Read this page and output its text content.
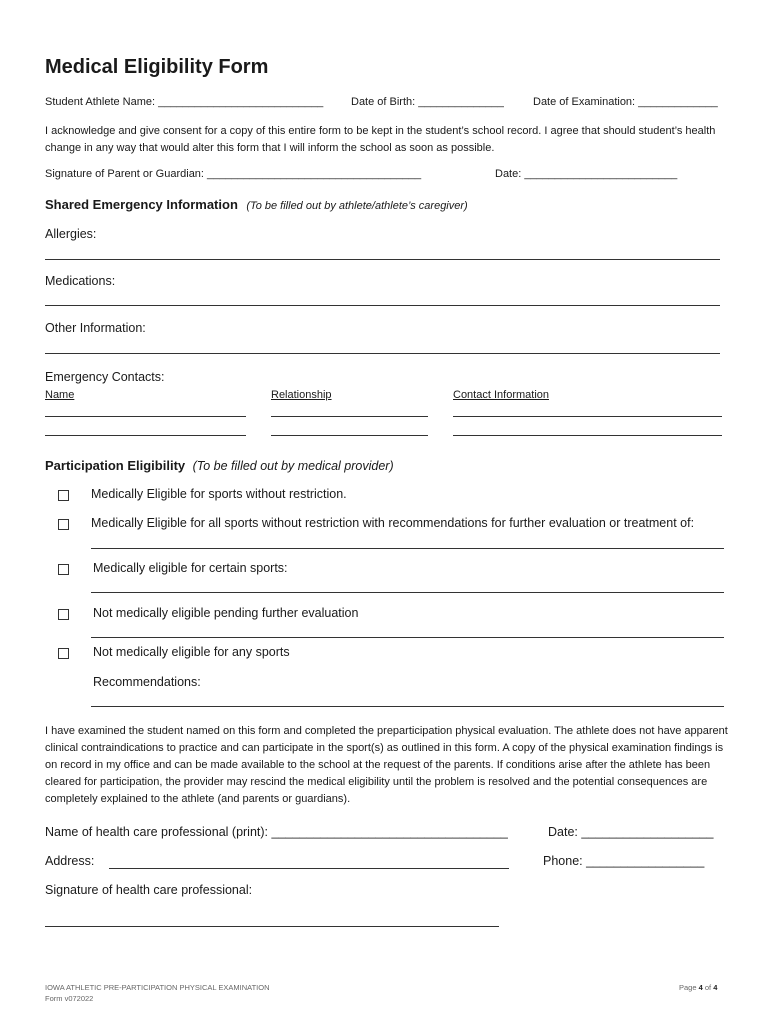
Medical Eligibility Form
Student Athlete Name: ___________________________	Date of Birth: ______________	Date of Examination: _____________
I acknowledge and give consent for a copy of this entire form to be kept in the student’s school record. I agree that should student’s health change in any way that would alter this form that I will inform the school as soon as possible.
Signature of Parent or Guardian: ___________________________________	Date: _________________________
Shared Emergency Information (To be filled out by athlete/athlete’s caregiver)
Allergies:
Medications:
Other Information:
Emergency Contacts:
Name	Relationship	Contact Information
Participation Eligibility (To be filled out by medical provider)
Medically Eligible for sports without restriction.
Medically Eligible for all sports without restriction with recommendations for further evaluation or treatment of:
Medically eligible for certain sports:
Not medically eligible pending further evaluation
Not medically eligible for any sports
Recommendations:
I have examined the student named on this form and completed the preparticipation physical evaluation. The athlete does not have apparent clinical contraindications to practice and can participate in the sport(s) as outlined in this form. A copy of the physical examination findings is on record in my office and can be made available to the school at the request of the parents. If conditions arise after the athlete has been cleared for participation, the provider may rescind the medical eligibility until the problem is resolved and the potential consequences are completely explained to the athlete (and parents or guardians).
Name of health care professional (print): __________________________________	Date: ___________________
Address:	Phone: _________________
Signature of health care professional:
IOWA ATHLETIC PRE-PARTICIPATION PHYSICAL EXAMINATION
Form v072022
Page 4 of 4
